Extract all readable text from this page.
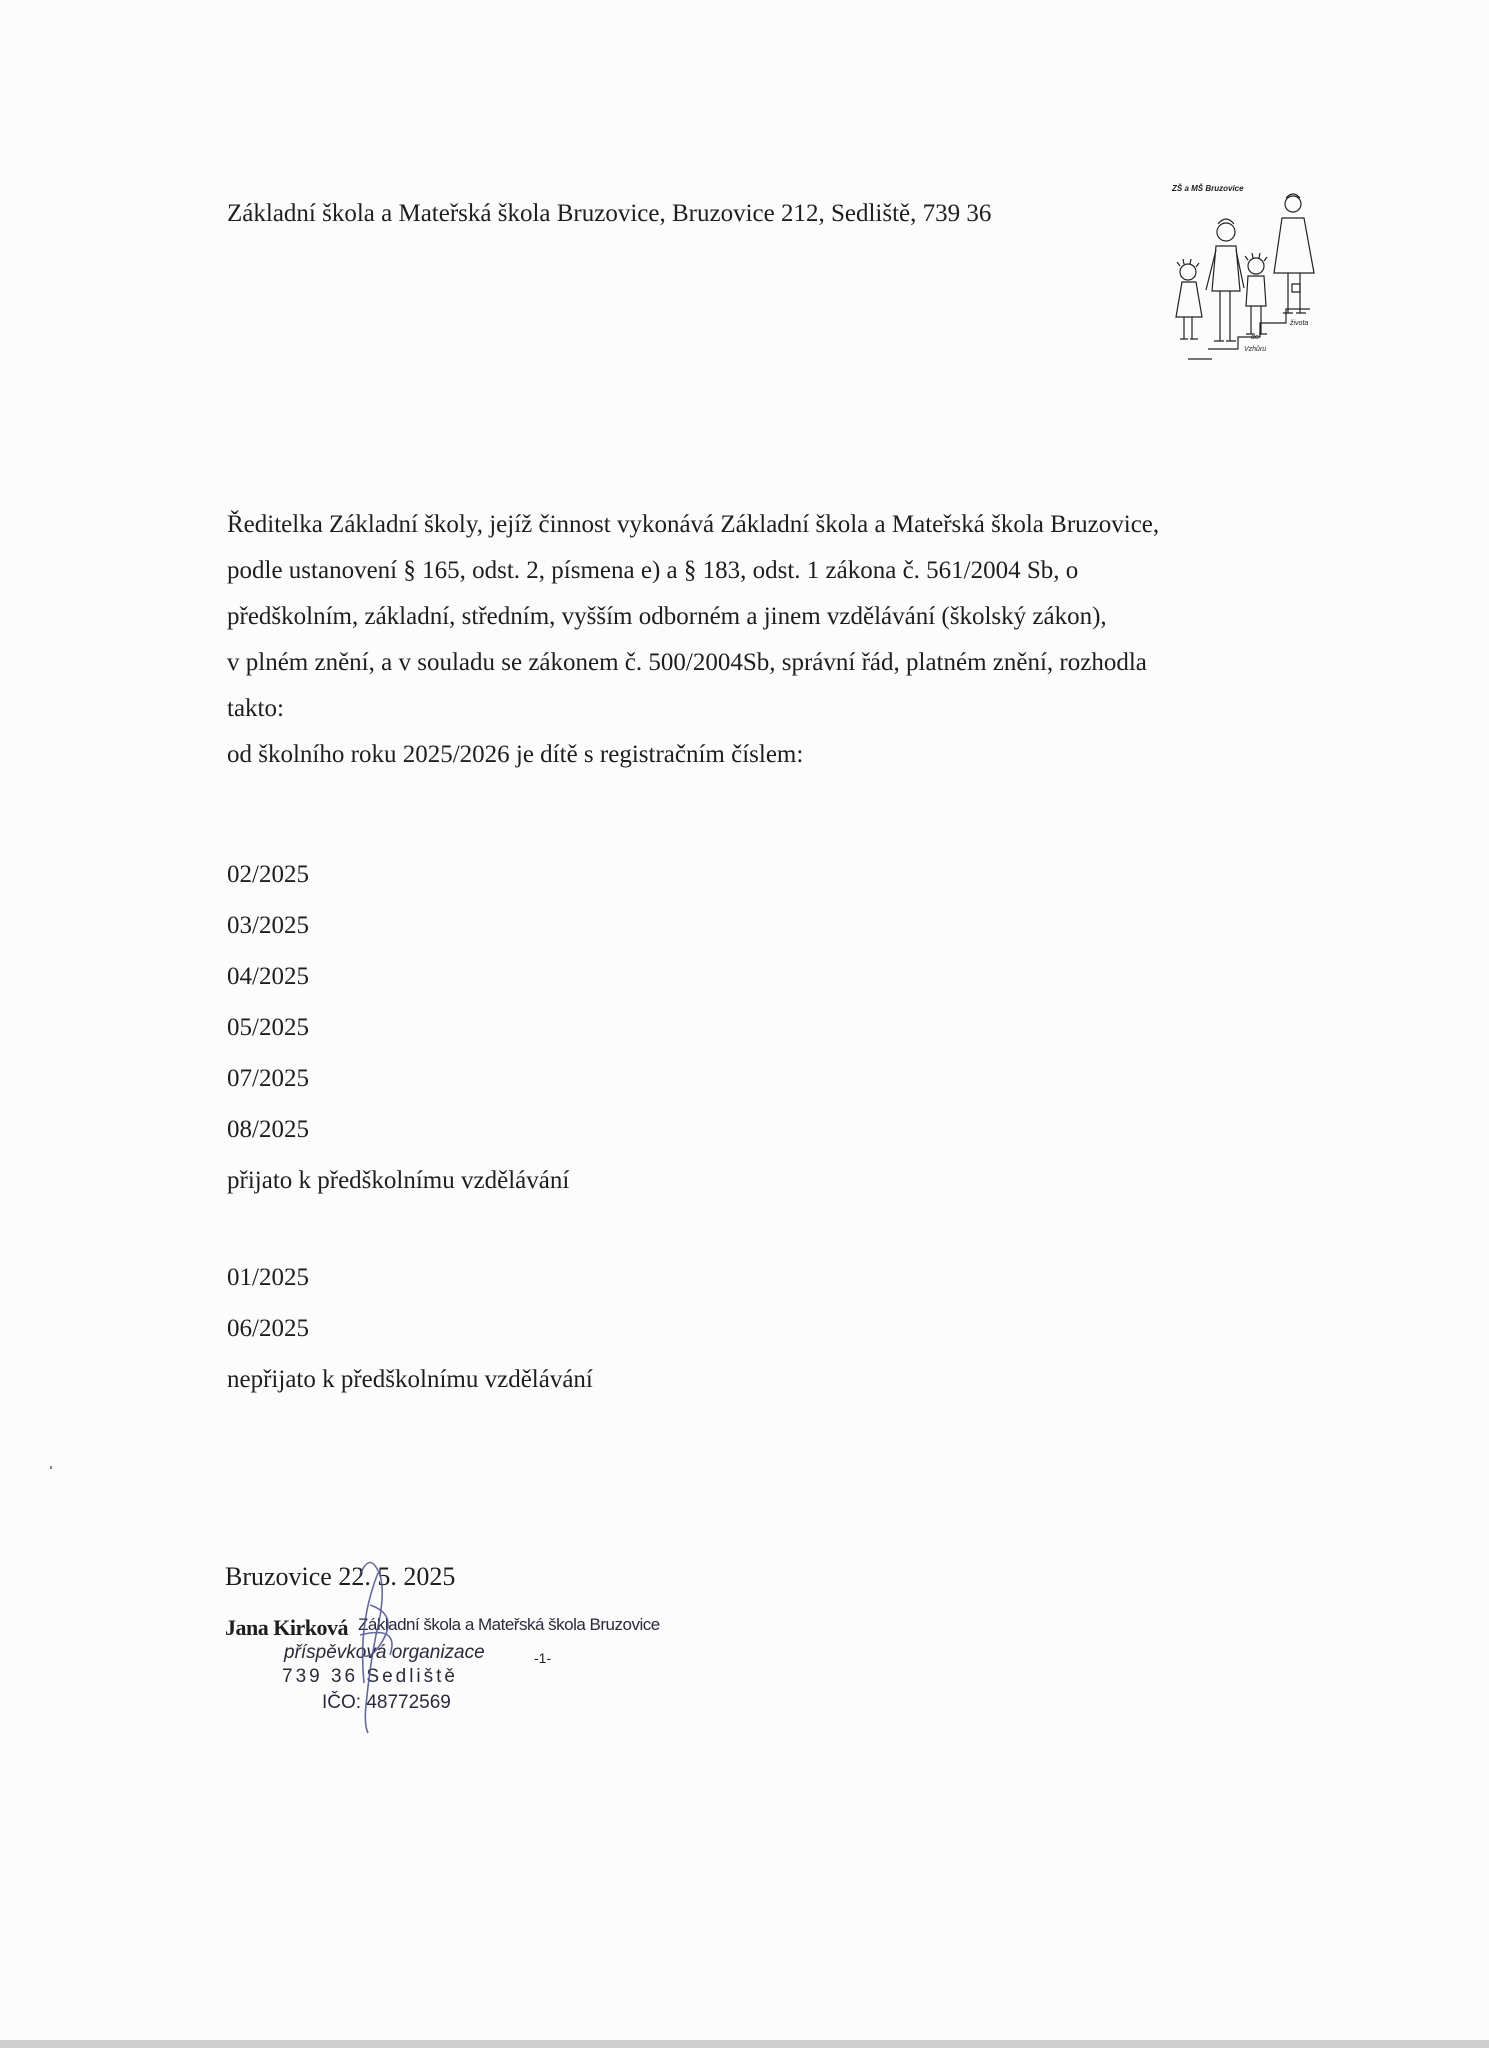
Základní škola a Mateřská škola Bruzovice, Bruzovice 212, Sedliště, 739 36
ZŠ a MŠ Bruzovice
Vzhůru
do
života
Ředitelka Základní školy, jejíž činnost vykonává Základní škola a Mateřská škola Bruzovice,
podle ustanovení § 165, odst. 2, písmena e) a § 183, odst. 1 zákona č. 561/2004 Sb, o
předškolním, základní, středním, vyšším odborném a jinem vzdělávání (školský zákon),
v plném znění, a v souladu se zákonem č. 500/2004Sb, správní řád, platném znění, rozhodla
takto:
od školního roku 2025/2026 je dítě s registračním číslem:
02/2025
03/2025
04/2025
05/2025
07/2025
08/2025
přijato k předškolnímu vzdělávání
01/2025
06/2025
nepřijato k předškolnímu vzdělávání
Bruzovice 22. 5. 2025
Jana Kirková Základní škola a Mateřská škola Bruzovice
příspěvková organizace
739 36 Sedliště
IČO: 48772569
-1-
